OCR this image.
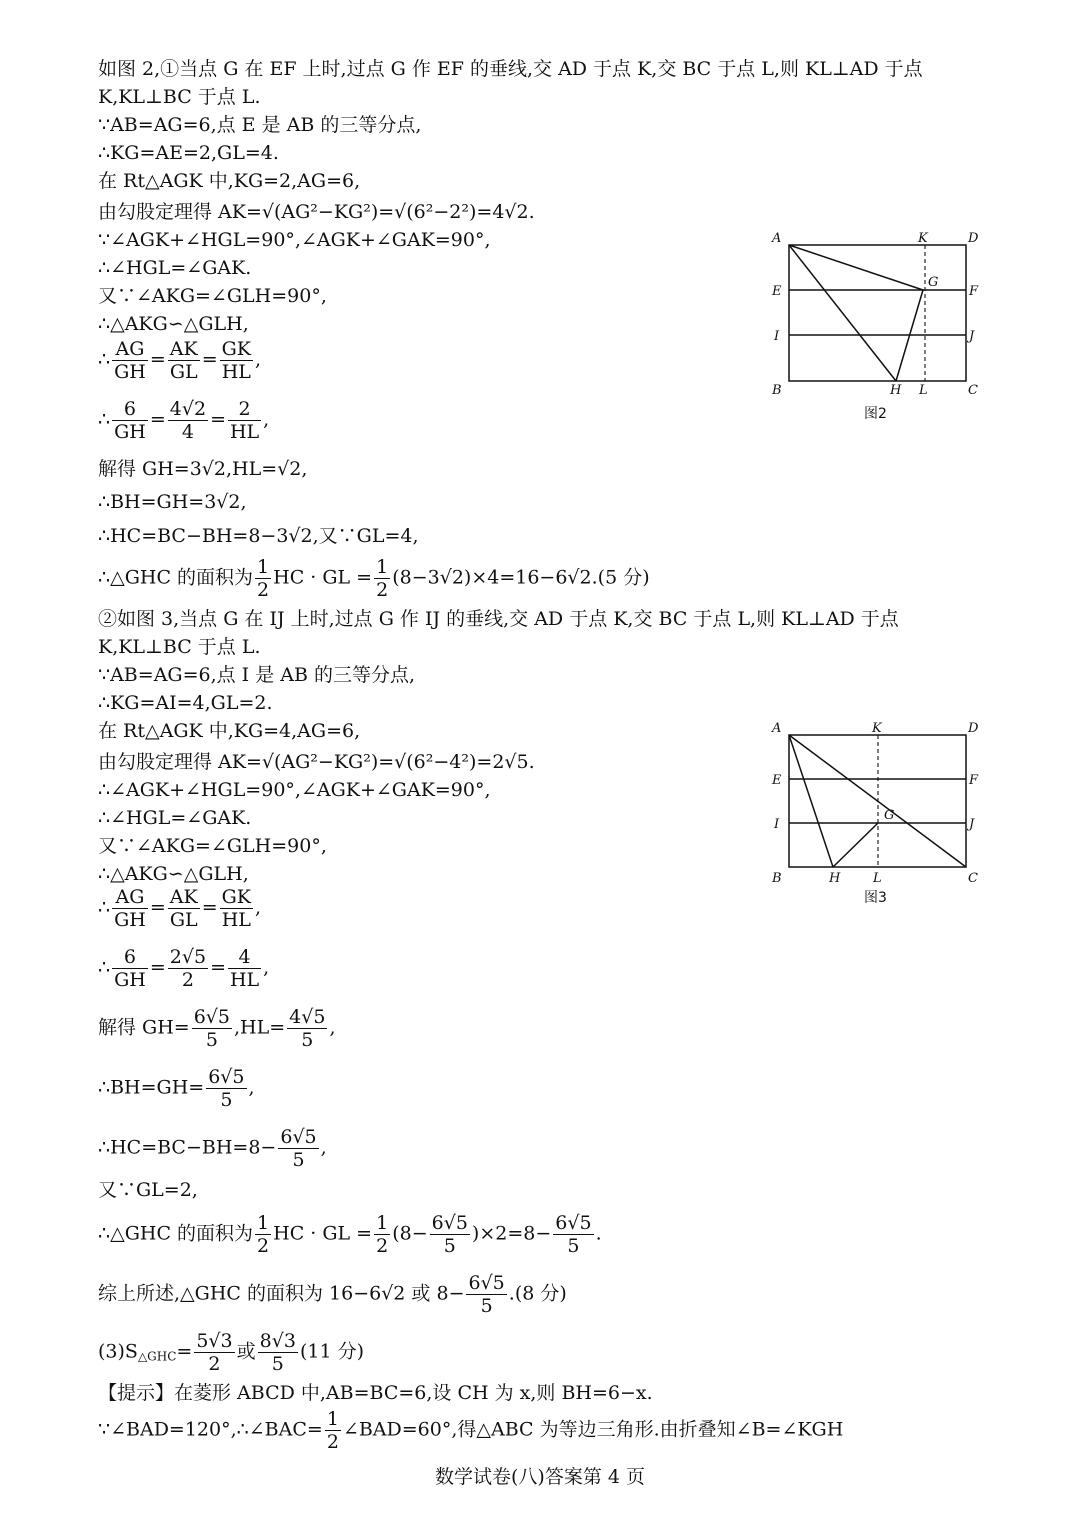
如图 2,①当点 G 在 EF 上时,过点 G 作 EF 的垂线,交 AD 于点 K,交 BC 于点 L,则 KL⊥AD 于点
K,KL⊥BC 于点 L.
∵AB=AG=6,点 E 是 AB 的三等分点,
∴KG=AE=2,GL=4.
在 Rt△AGK 中,KG=2,AG=6,
由勾股定理得 AK=√(AG²−KG²)=√(6²−2²)=4√2.
∵∠AGK+∠HGL=90°,∠AGK+∠GAK=90°,
∴∠HGL=∠GAK.
又∵∠AKG=∠GLH=90°,
∴△AKG∽△GLH,
∴ $\frac{AG}{GH} = \frac{AK}{GL} = \frac{GK}{HL}$ ,
∴ $\frac{6}{GH} = \frac{4√2}{4} = \frac{2}{HL}$ ,
解得 GH=3√2,HL=√2,
∴BH=GH=3√2,
∴HC=BC−BH=8−3√2,又∵GL=4,
∴△GHC 的面积为 $\frac{1}{2}$ HC · GL = $\frac{1}{2} (8-3√2)\times 4=16-6√2.(5$ 分)
②如图 3,当点 G 在 IJ 上时,过点 G 作 IJ 的垂线,交 AD 于点 K,交 BC 于点 L,则 KL⊥AD 于点
K,KL⊥BC 于点 L.
∵AB=AG=6,点 I 是 AB 的三等分点,
∴KG=AI=4,GL=2.
在 Rt△AGK 中,KG=4,AG=6,
由勾股定理得 AK=√(AG²−KG²)=√(6²−4²)=2√5.
∴∠AGK+∠HGL=90°,∠AGK+∠GAK=90°,
∴∠HGL=∠GAK.
又∵∠AKG=∠GLH=90°,
∴△AKG∽△GLH,
∴ $\frac{AG}{GH} = \frac{AK}{GL} = \frac{GK}{HL}$ ,
∴ $\frac{6}{GH} = \frac{2√5}{2} = \frac{4}{HL}$ ,
解得 $GH= \frac{6√5}{5} ,HL= \frac{4√5}{5}$ ,
∴BH=GH= $\frac{6√5}{5}$ ,
∴HC=BC−BH=8− $\frac{6√5}{5}$ ,
又∵GL=2,
∴△GHC 的面积为 $\frac{1}{2}$ HC · GL = $\frac{1}{2} (8- \frac{6√5}{5} )\times 2=8- \frac{6√5}{5}$ .
综上所述,△GHC 的面积为 16−6√2 或 $8- \frac{6√5}{5} .(8$ 分)
$(3)S_{\triangle GHC}= \frac{5√3}{2}$ 或 $\frac{8√3}{5} (11$ 分)
【提示】在菱形 ABCD 中,AB=BC=6,设 CH 为 x,则 BH=6−x.
∵∠BAD=120°,∴∠BAC= $\frac{1}{2}$ ∠BAD=60°,得△ABC 为等边三角形.由折叠知∠B=∠KGH
A	K	D
E
G
F
I	J
B	H L	C
图2
A	K	D
E	F
I
G
J
B	H	L	C
图3
数学试卷(八)答案第 4 页
